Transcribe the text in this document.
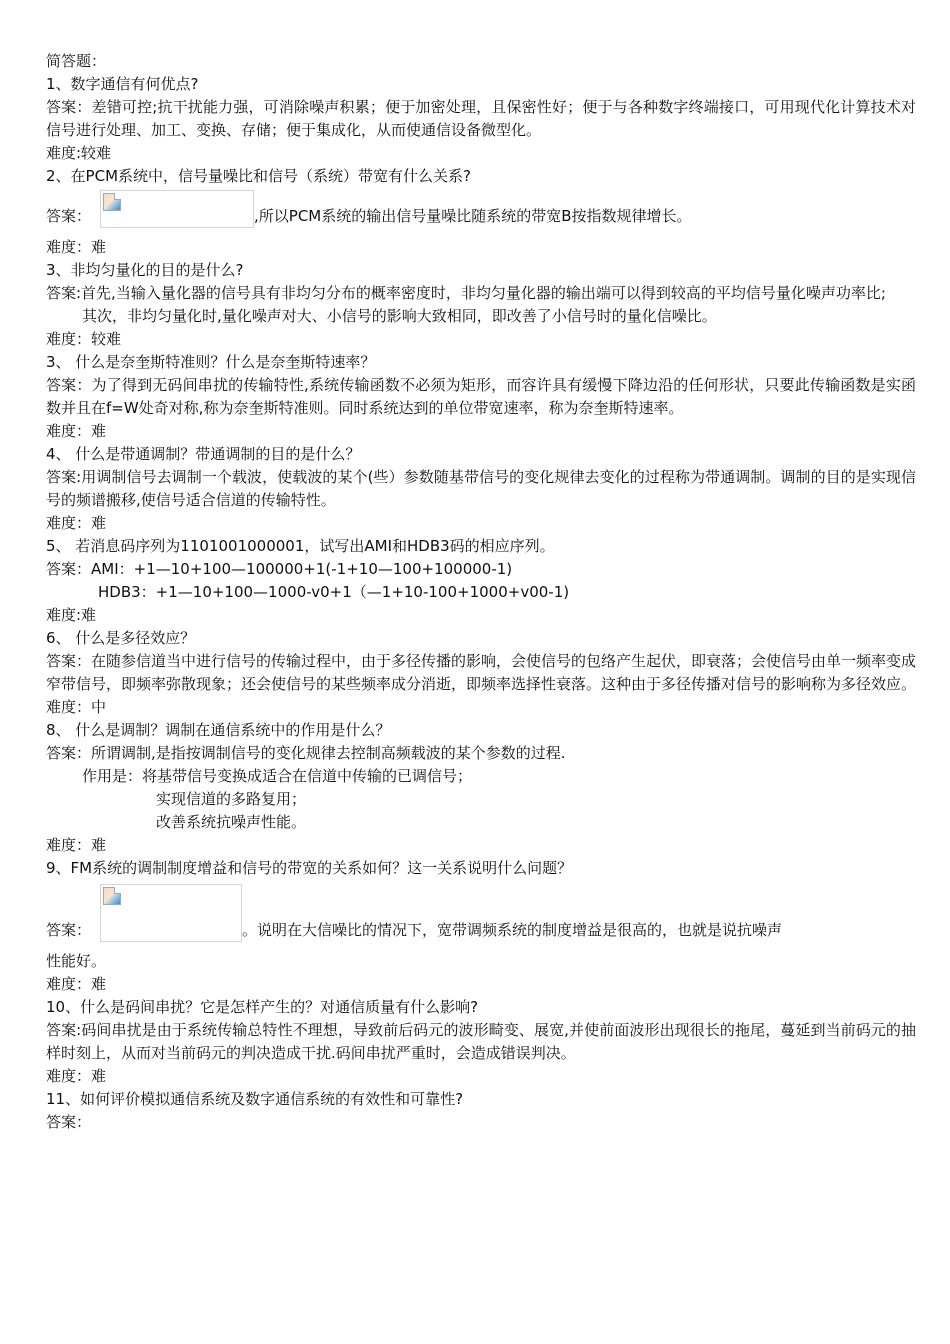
简答题：
1、数字通信有何优点?
答案：差错可控;抗干扰能力强，可消除噪声积累；便于加密处理，且保密性好；便于与各种数字终端接口，可用现代化计算技术对信号进行处理、加工、变换、存储；便于集成化，从而使通信设备微型化。
难度:较难
2、在PCM系统中，信号量噪比和信号（系统）带宽有什么关系?
答案：	,所以PCM系统的输出信号量噪比随系统的带宽B按指数规律增长。
难度：难
3、非均匀量化的目的是什么?
答案:首先,当输入量化器的信号具有非均匀分布的概率密度时，非均匀量化器的输出端可以得到较高的平均信号量化噪声功率比;
其次，非均匀量化时,量化噪声对大、小信号的影响大致相同，即改善了小信号时的量化信噪比。
难度：较难
3、 什么是奈奎斯特准则？什么是奈奎斯特速率？
答案：为了得到无码间串扰的传输特性,系统传输函数不必须为矩形，而容许具有缓慢下降边沿的任何形状，只要此传输函数是实函数并且在f=W处奇对称,称为奈奎斯特准则。同时系统达到的单位带宽速率，称为奈奎斯特速率。
难度：难
4、 什么是带通调制？带通调制的目的是什么？
答案:用调制信号去调制一个载波，使载波的某个(些）参数随基带信号的变化规律去变化的过程称为带通调制。调制的目的是实现信号的频谱搬移,使信号适合信道的传输特性。
难度：难
5、 若消息码序列为1101001000001，试写出AMI和HDB3码的相应序列。
答案：AMI：+1—10+100—100000+1(-1+10—100+100000-1)
HDB3：+1—10+100—1000-v0+1（—1+10-100+1000+v00-1)
难度:难
6、 什么是多径效应？
答案：在随参信道当中进行信号的传输过程中，由于多径传播的影响，会使信号的包络产生起伏，即衰落；会使信号由单一频率变成窄带信号，即频率弥散现象；还会使信号的某些频率成分消逝，即频率选择性衰落。这种由于多径传播对信号的影响称为多径效应。
难度：中
8、 什么是调制？调制在通信系统中的作用是什么？
答案：所谓调制,是指按调制信号的变化规律去控制高频载波的某个参数的过程.
作用是：将基带信号变换成适合在信道中传输的已调信号；
实现信道的多路复用；
改善系统抗噪声性能。
难度：难
9、FM系统的调制制度增益和信号的带宽的关系如何？这一关系说明什么问题？
答案：	。说明在大信噪比的情况下，宽带调频系统的制度增益是很高的，也就是说抗噪声
性能好。
难度：难
10、什么是码间串扰？它是怎样产生的？对通信质量有什么影响?
答案:码间串扰是由于系统传输总特性不理想，导致前后码元的波形畸变、展宽,并使前面波形出现很长的拖尾，蔓延到当前码元的抽样时刻上，从而对当前码元的判决造成干扰.码间串扰严重时，会造成错误判决。
难度：难
11、如何评价模拟通信系统及数字通信系统的有效性和可靠性?
答案：
